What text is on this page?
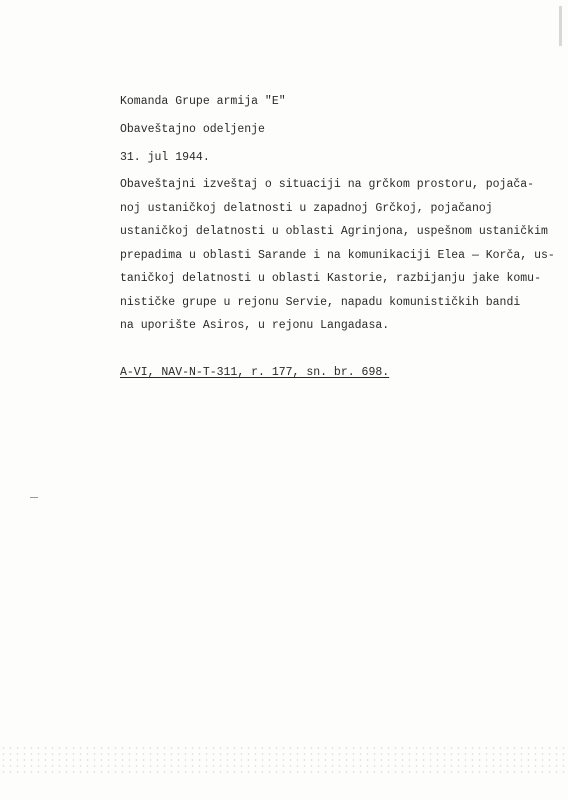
Komanda Grupe armija "E"
Obaveštajno odeljenje
31. jul 1944.
Obaveštajni izveštaj o situaciji na grčkom prostoru, pojača-
noj ustaničkoj delatnosti u zapadnoj Grčkoj, pojačanoj
ustaničkoj delatnosti u oblasti Agrinjona, uspešnom ustaničkim
prepadima u oblasti Sarande i na komunikaciji Elea — Korča, us-
taničkoj delatnosti u oblasti Kastorie, razbijanju jake komu-
nističke grupe u rejonu Servie, napadu komunističkih bandi
na uporište Asiros, u rejonu Langadasa.
A-VI, NAV-N-T-311, r. 177, sn. br. 698.
